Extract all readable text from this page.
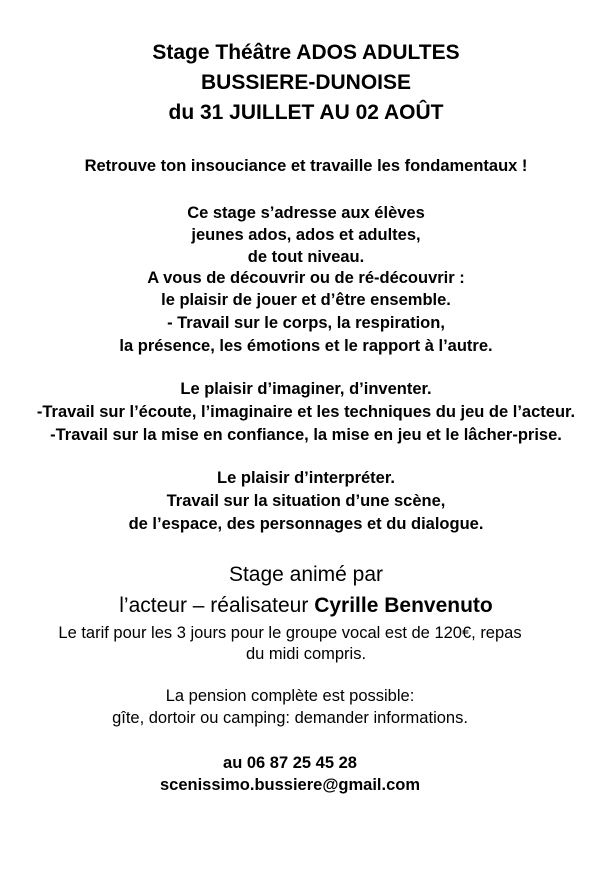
Stage Théâtre ADOS ADULTES
BUSSIERE-DUNOISE
du 31 JUILLET AU 02 AOÛT
Retrouve ton insouciance et travaille les fondamentaux !
Ce stage s’adresse aux élèves
jeunes ados, ados et adultes,
de tout niveau.
A vous de découvrir ou de ré-découvrir :
le plaisir de jouer et d’être ensemble.
- Travail sur le corps, la respiration,
la présence, les émotions et le rapport à l’autre.
Le plaisir d’imaginer, d’inventer.
-Travail sur l’écoute, l’imaginaire et les techniques du jeu de l’acteur.
-Travail sur la mise en confiance, la mise en jeu et le lâcher-prise.
Le plaisir d’interpréter.
Travail sur la situation d’une scène,
de l’espace, des personnages et du dialogue.
Stage animé par
l’acteur – réalisateur Cyrille Benvenuto
Le tarif pour les 3 jours pour le groupe vocal est de 120€, repas
du midi compris.
La pension complète est possible:
gîte, dortoir ou camping: demander informations.
au 06 87 25 45 28
scenissimo.bussiere@gmail.com
